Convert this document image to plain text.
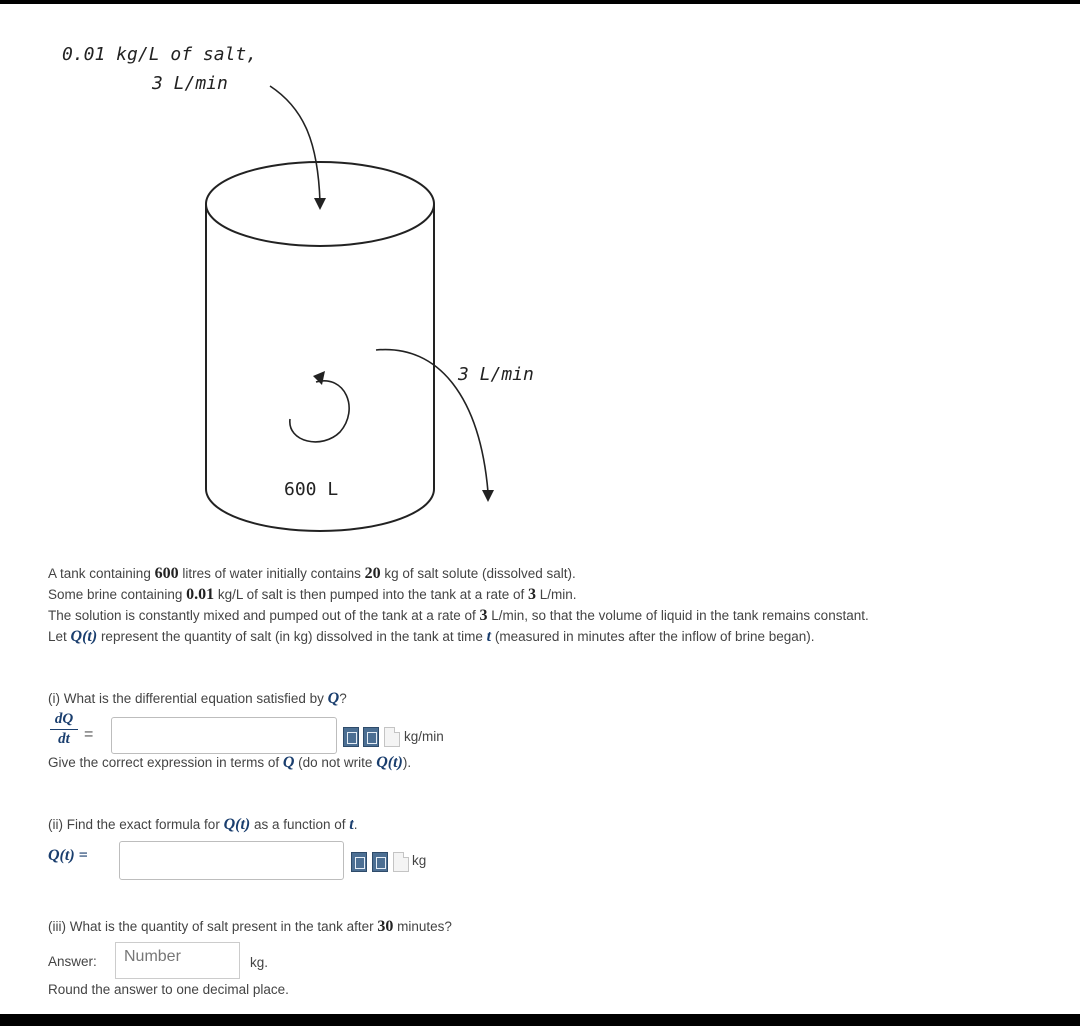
0.01 kg/L of salt,
3 L/min
3 L/min
600 L
A tank containing 600 litres of water initially contains 20 kg of salt solute (dissolved salt).
Some brine containing 0.01 kg/L of salt is then pumped into the tank at a rate of 3 L/min.
The solution is constantly mixed and pumped out of the tank at a rate of 3 L/min, so that the volume of liquid in the tank remains constant.
Let Q(t) represent the quantity of salt (in kg) dissolved in the tank at time t (measured in minutes after the inflow of brine began).
(i) What is the differential equation satisfied by Q?
dQ
dt =	kg/min
Give the correct expression in terms of Q (do not write Q(t)).
(ii) Find the exact formula for Q(t) as a function of t.
Q(t) =	kg
(iii) What is the quantity of salt present in the tank after 30 minutes?
Answer:	Number	kg.
Round the answer to one decimal place.
